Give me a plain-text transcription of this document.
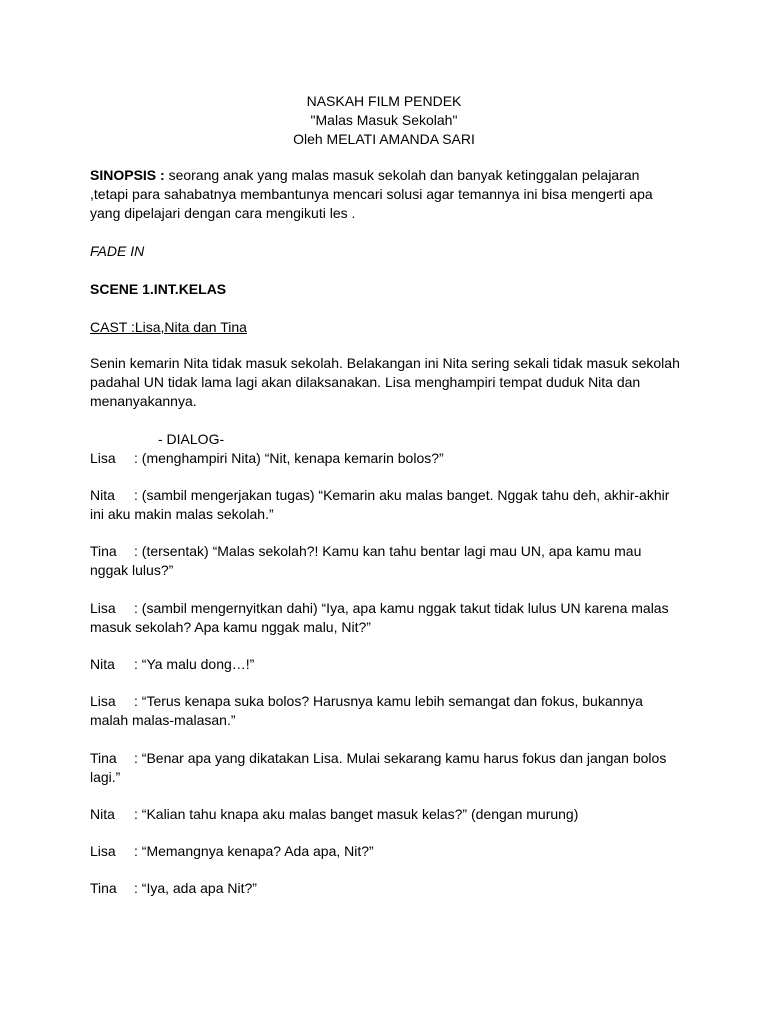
NASKAH FILM PENDEK
"Malas Masuk Sekolah"
Oleh MELATI AMANDA SARI
SINOPSIS : seorang anak yang malas masuk sekolah dan banyak ketinggalan pelajaran ,tetapi para sahabatnya membantunya mencari solusi agar temannya ini bisa mengerti apa yang dipelajari dengan cara mengikuti les .
FADE IN
SCENE 1.INT.KELAS
CAST :Lisa,Nita dan Tina
Senin kemarin Nita tidak masuk sekolah. Belakangan ini Nita sering sekali tidak masuk sekolah padahal UN tidak lama lagi akan dilaksanakan. Lisa menghampiri tempat duduk Nita dan menanyakannya.
- DIALOG-
Lisa : (menghampiri Nita) “Nit, kenapa kemarin bolos?”
Nita : (sambil mengerjakan tugas) “Kemarin aku malas banget. Nggak tahu deh, akhir-akhir ini aku makin malas sekolah.”
Tina : (tersentak) “Malas sekolah?! Kamu kan tahu bentar lagi mau UN, apa kamu mau nggak lulus?”
Lisa : (sambil mengernyitkan dahi) “Iya, apa kamu nggak takut tidak lulus UN karena malas masuk sekolah? Apa kamu nggak malu, Nit?”
Nita : “Ya malu dong…!”
Lisa : “Terus kenapa suka bolos? Harusnya kamu lebih semangat dan fokus, bukannya malah malas-malasan.”
Tina : “Benar apa yang dikatakan Lisa. Mulai sekarang kamu harus fokus dan jangan bolos lagi.”
Nita : “Kalian tahu knapa aku malas banget masuk kelas?” (dengan murung)
Lisa : “Memangnya kenapa? Ada apa, Nit?”
Tina : “Iya, ada apa Nit?”
